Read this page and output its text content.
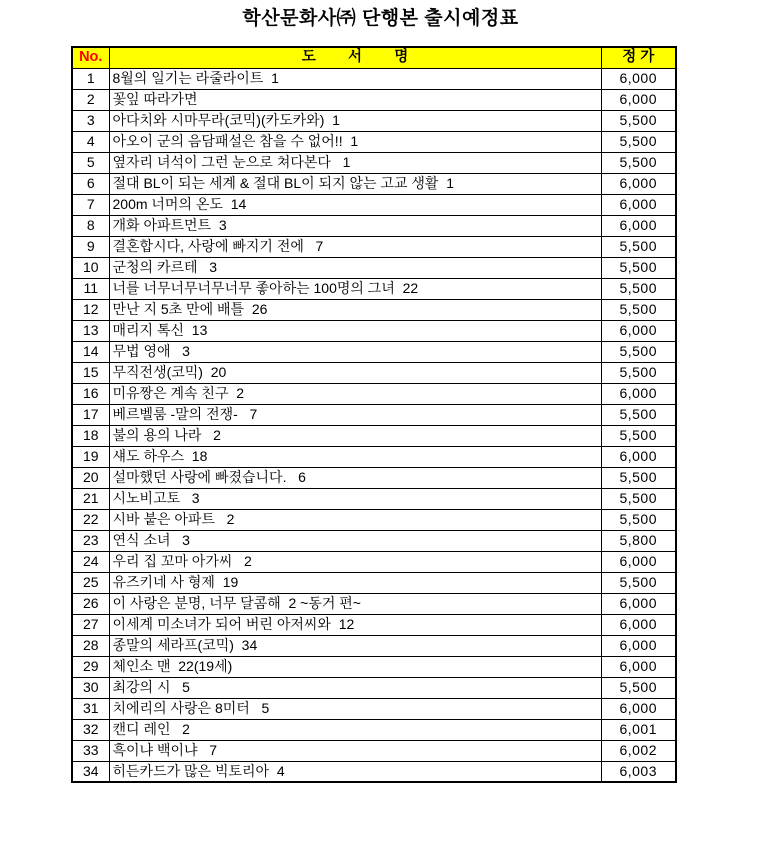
학산문화사㈜ 단행본 출시예정표
No.	도        서        명	정 가
1	8월의 일기는 라줄라이트  1	6,000
2	꽃잎 따라가면	6,000
3	아다치와 시마무라(코믹)(카도카와)  1	5,500
4	아오이 군의 음담패설은 참을 수 없어!!  1	5,500
5	옆자리 녀석이 그런 눈으로 쳐다본다   1	5,500
6	절대 BL이 되는 세계 & 절대 BL이 되지 않는 고교 생활  1	6,000
7	200m 너머의 온도  14	6,000
8	개화 아파트먼트  3	6,000
9	결혼합시다, 사랑에 빠지기 전에   7	5,500
10	군청의 카르테   3	5,500
11	너를 너무너무너무너무 좋아하는 100명의 그녀  22	5,500
12	만난 지 5초 만에 배틀  26	5,500
13	매리지 톡신  13	6,000
14	무법 영애   3	5,500
15	무직전생(코믹)  20	5,500
16	미유짱은 계속 친구  2	6,000
17	베르벨룸 -말의 전쟁-   7	5,500
18	불의 용의 나라   2	5,500
19	섀도 하우스  18	6,000
20	설마했던 사랑에 빠졌습니다.   6	5,500
21	시노비고토   3	5,500
22	시바 붙은 아파트   2	5,500
23	연식 소녀   3	5,800
24	우리 집 꼬마 아가씨   2	6,000
25	유즈키네 사 형제  19	5,500
26	이 사랑은 분명, 너무 달콤해  2 ~동거 편~	6,000
27	이세계 미소녀가 되어 버린 아저씨와  12	6,000
28	종말의 세라프(코믹)  34	6,000
29	체인소 맨  22(19세)	6,000
30	최강의 시   5	5,500
31	치에리의 사랑은 8미터   5	6,000
32	캔디 레인   2	6,001
33	흑이냐 백이냐   7	6,002
34	히든카드가 많은 빅토리아  4	6,003
